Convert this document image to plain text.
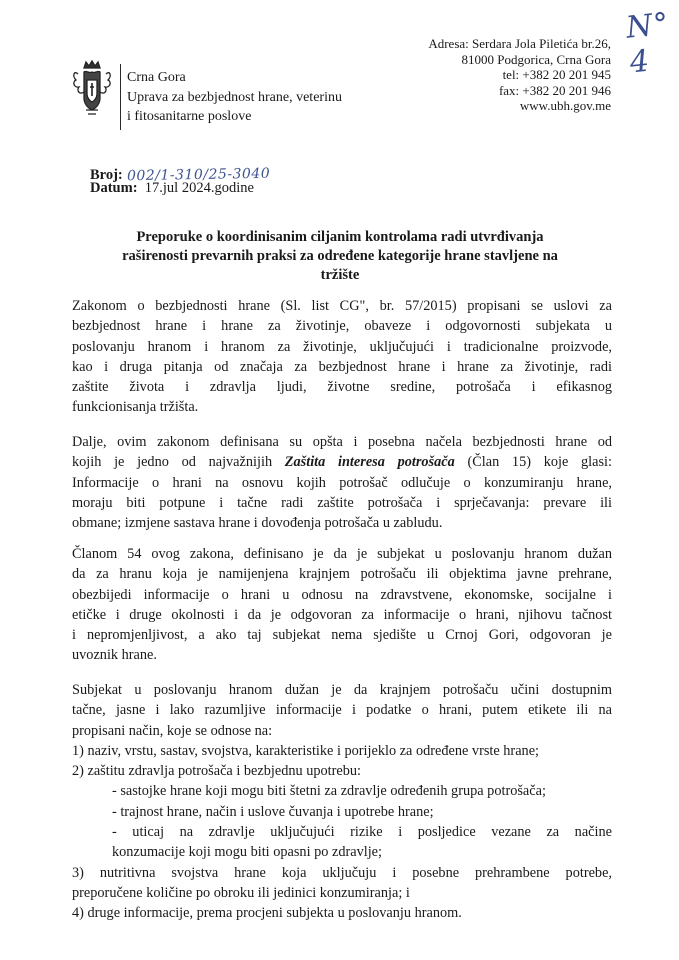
N° 4
Adresa: Serdara Jola Piletića br.26,
81000 Podgorica, Crna Gora
tel: +382 20 201 945
fax: +382 20 201 946
www.ubh.gov.me
Crna Gora
Uprava za bezbjednost hrane, veterinu
i fitosanitarne poslove
Broj: 002/1-310/25-3040
Datum: 17.jul 2024.godine
Preporuke o koordinisanim ciljanim kontrolama radi utvrđivanja
raširenosti prevarnih praksi za određene kategorije hrane stavljene na
tržište
Zakonom o bezbjednosti hrane (Sl. list CG", br. 57/2015) propisani se uslovi za
bezbjednost hrane i hrane za životinje, obaveze i odgovornosti subjekata u
poslovanju hranom i hranom za životinje, uključujući i tradicionalne proizvode,
kao i druga pitanja od značaja za bezbjednost hrane i hrane za životinje, radi
zaštite života i zdravlja ljudi, životne sredine, potrošača i efikasnog
funkcionisanja tržišta.
Dalje, ovim zakonom definisana su opšta i posebna načela bezbjednosti hrane od
kojih je jedno od najvažnijih Zaštita interesa potrošača (Član 15) koje glasi:
Informacije o hrani na osnovu kojih potrošač odlučuje o konzumiranju hrane,
moraju biti potpune i tačne radi zaštite potrošača i sprječavanja: prevare ili
obmane; izmjene sastava hrane i dovođenja potrošača u zabludu.
Članom 54 ovog zakona, definisano je da je subjekat u poslovanju hranom dužan
da za hranu koja je namijenjena krajnjem potrošaču ili objektima javne prehrane,
obezbijedi informacije o hrani u odnosu na zdravstvene, ekonomske, socijalne i
etičke i druge okolnosti i da je odgovoran za informacije o hrani, njihovu tačnost
i nepromjenljivost, a ako taj subjekat nema sjedište u Crnoj Gori, odgovoran je
uvoznik hrane.
Subjekat u poslovanju hranom dužan je da krajnjem potrošaču učini dostupnim
tačne, jasne i lako razumljive informacije i podatke o hrani, putem etikete ili na
propisani način, koje se odnose na:
1) naziv, vrstu, sastav, svojstva, karakteristike i porijeklo za određene vrste hrane;
2) zaštitu zdravlja potrošača i bezbjednu upotrebu:
- sastojke hrane koji mogu biti štetni za zdravlje određenih grupa potrošača;
- trajnost hrane, način i uslove čuvanja i upotrebe hrane;
- uticaj na zdravlje uključujući rizike i posljedice vezane za načine
konzumacije koji mogu biti opasni po zdravlje;
3) nutritivna svojstva hrane koja uključuju i posebne prehrambene potrebe,
preporučene količine po obroku ili jedinici konzumiranja; i
4) druge informacije, prema procjeni subjekta u poslovanju hranom.
